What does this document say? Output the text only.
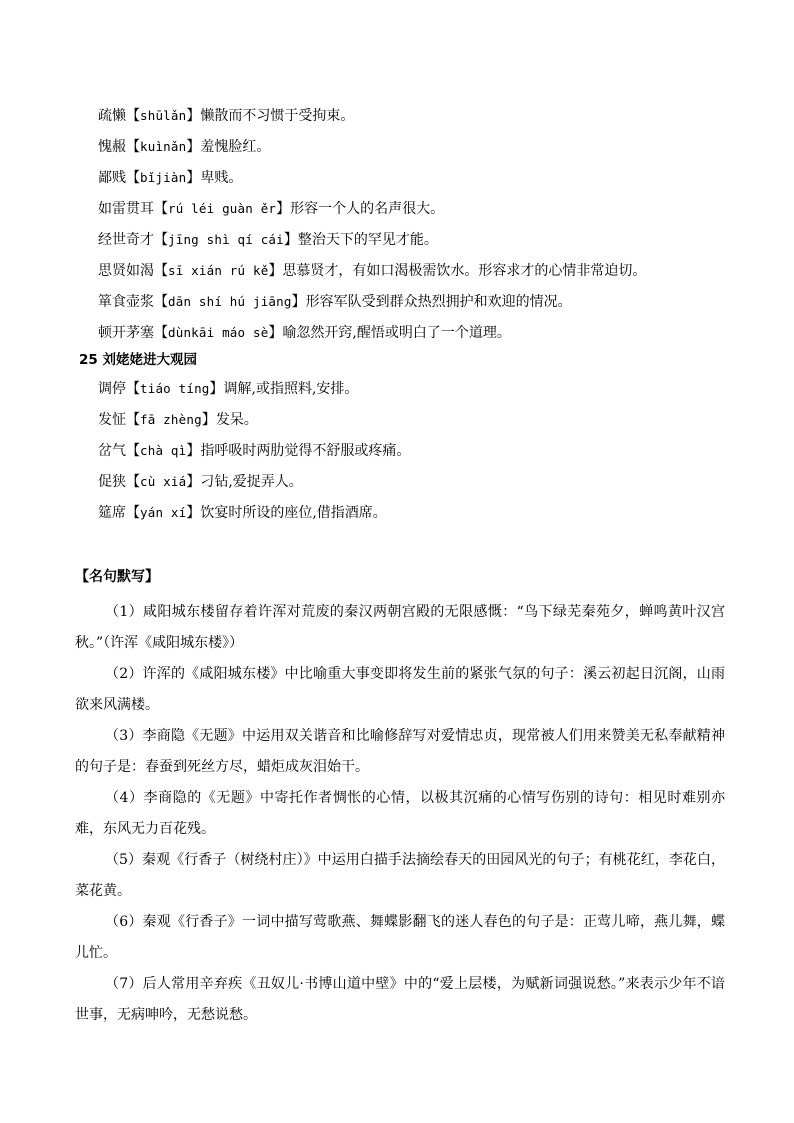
疏懒【shūlǎn】懒散而不习惯于受拘束。
愧赧【kuìnǎn】羞愧脸红。
鄙贱【bǐjiàn】卑贱。
如雷贯耳【rú léi guàn ěr】形容一个人的名声很大。
经世奇才【jīng shì qí cái】整治天下的罕见才能。
思贤如渴【sī xián rú kě】思慕贤才，有如口渴极需饮水。形容求才的心情非常迫切。
箪食壶浆【dān shí hú jiāng】形容军队受到群众热烈拥护和欢迎的情况。
顿开茅塞【dùnkāi máo sè】喻忽然开窍,醒悟或明白了一个道理。
25 刘姥姥进大观园
调停【tiáo tíng】调解,或指照料,安排。
发怔【fā zhèng】发呆。
岔气【chà qì】指呼吸时两肋觉得不舒服或疼痛。
促狭【cù xiá】刁钻,爱捉弄人。
筵席【yán xí】饮宴时所设的座位,借指酒席。
【名句默写】
（1）咸阳城东楼留存着许浑对荒废的秦汉两朝宫殿的无限感慨：“鸟下绿芜秦苑夕，蝉鸣黄叶汉宫秋。”（许浑《咸阳城东楼》）
（2）许浑的《咸阳城东楼》中比喻重大事变即将发生前的紧张气氛的句子：溪云初起日沉阁，山雨欲来风满楼。
（3）李商隐《无题》中运用双关谐音和比喻修辞写对爱情忠贞，现常被人们用来赞美无私奉献精神的句子是：春蚕到死丝方尽，蜡炬成灰泪始干。
（4）李商隐的《无题》中寄托作者惆怅的心情，以极其沉痛的心情写伤别的诗句：相见时难别亦难，东风无力百花残。
（5）秦观《行香子（树绕村庄）》中运用白描手法摘绘春天的田园风光的句子；有桃花红，李花白，菜花黄。
（6）秦观《行香子》一词中描写莺歌燕、舞蝶影翻飞的迷人春色的句子是：正莺儿啼，燕儿舞，蝶儿忙。
（7）后人常用辛弃疾《丑奴儿·书博山道中壁》中的“爱上层楼，为赋新词强说愁。”来表示少年不谙世事，无病呻吟，无愁说愁。
